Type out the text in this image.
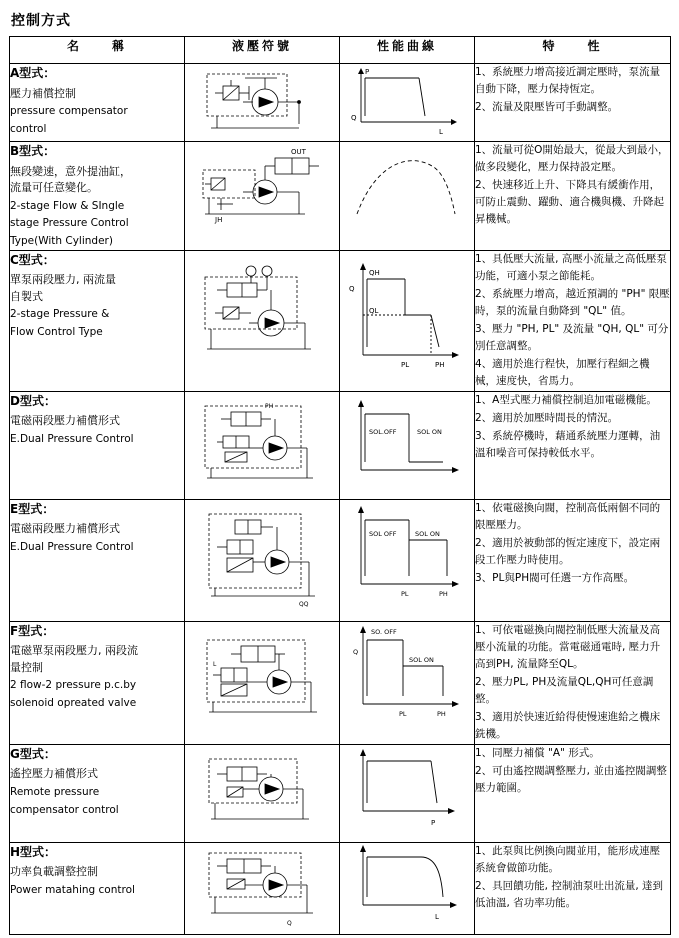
控制方式
名　　稱	液壓符號	性能曲線	特　　性

A型式：
壓力補償控制
pressure compensator
control

P
Q
L

1、系統壓力增高接近調定壓時，泵流量自動下降，壓力保持恆定。
2、流量及限壓皆可手動調整。

B型式：
無段變速，意外提油缸，
流量可任意變化。
2-stage Flow & SIngle
stage Pressure Control
Type(With Cylinder)

OUT
JH

1、流量可從O開始最大，從最大到最小，做多段變化，壓力保持設定壓。
2、快速移近上升、下降具有緩衝作用，可防止震動、躍動、適合機與機、升降起昇機械。

C型式：
單泵兩段壓力, 兩流量
自製式
2-stage Pressure &
Flow Control Type

QH
QL
Q
PL	PH

1、具低壓大流量, 高壓小流量之高低壓泵功能，可適小泵之節能耗。
2、系統壓力增高，越近預調的 "PH" 限壓時，泵的流量自動降到 "QL" 值。
3、壓力 "PH, PL" 及流量 "QH, QL" 可分別任意調整。
4、適用於進行程快，加壓行程細之機械，速度快，省馬力。

D型式：
電磁兩段壓力補償形式
E.Dual Pressure Control

PH

SOL.OFF	SOL ON

1、A型式壓力補償控制追加電磁機能。
2、適用於加壓時間長的情況。
3、系統停機時，藉通系統壓力運轉，油溫和噪音可保持較低水平。

E型式：
電磁兩段壓力補償形式
E.Dual Pressure Control

QQ

SOL OFF	SOL ON
PL	PH

1、依電磁換向閥，控制高低兩個不同的限壓壓力。
2、適用於被動部的恆定速度下，設定兩段工作壓力時使用。
3、PL與PH閥可任選一方作高壓。

F型式：
電磁單泵兩段壓力, 兩段流
量控制
2 flow-2 pressure p.c.by
solenoid opreated valve

L

SO. OFF
SOL ON
Q
PL	PH

1、可依電磁換向閥控制低壓大流量及高壓小流量的功能。當電磁通電時, 壓力升高到PH, 流量降至QL。
2、壓力PL, PH及流量QL,QH可任意調整。
3、適用於快速近給得使慢速進給之機床銑機。

G型式：
遙控壓力補償形式
Remote pressure
compensator control

P

1、同壓力補償 "A" 形式。
2、可由遙控閥調整壓力, 並由遙控閥調整壓力範圍。

H型式：
功率負載調整控制
Power matahing control

Q

L

1、此泵與比例換向閥並用，能形成連壓系統會做節功能。
2、具回饋功能, 控制油泵吐出流量, 達到低油溫, 省功率功能。
